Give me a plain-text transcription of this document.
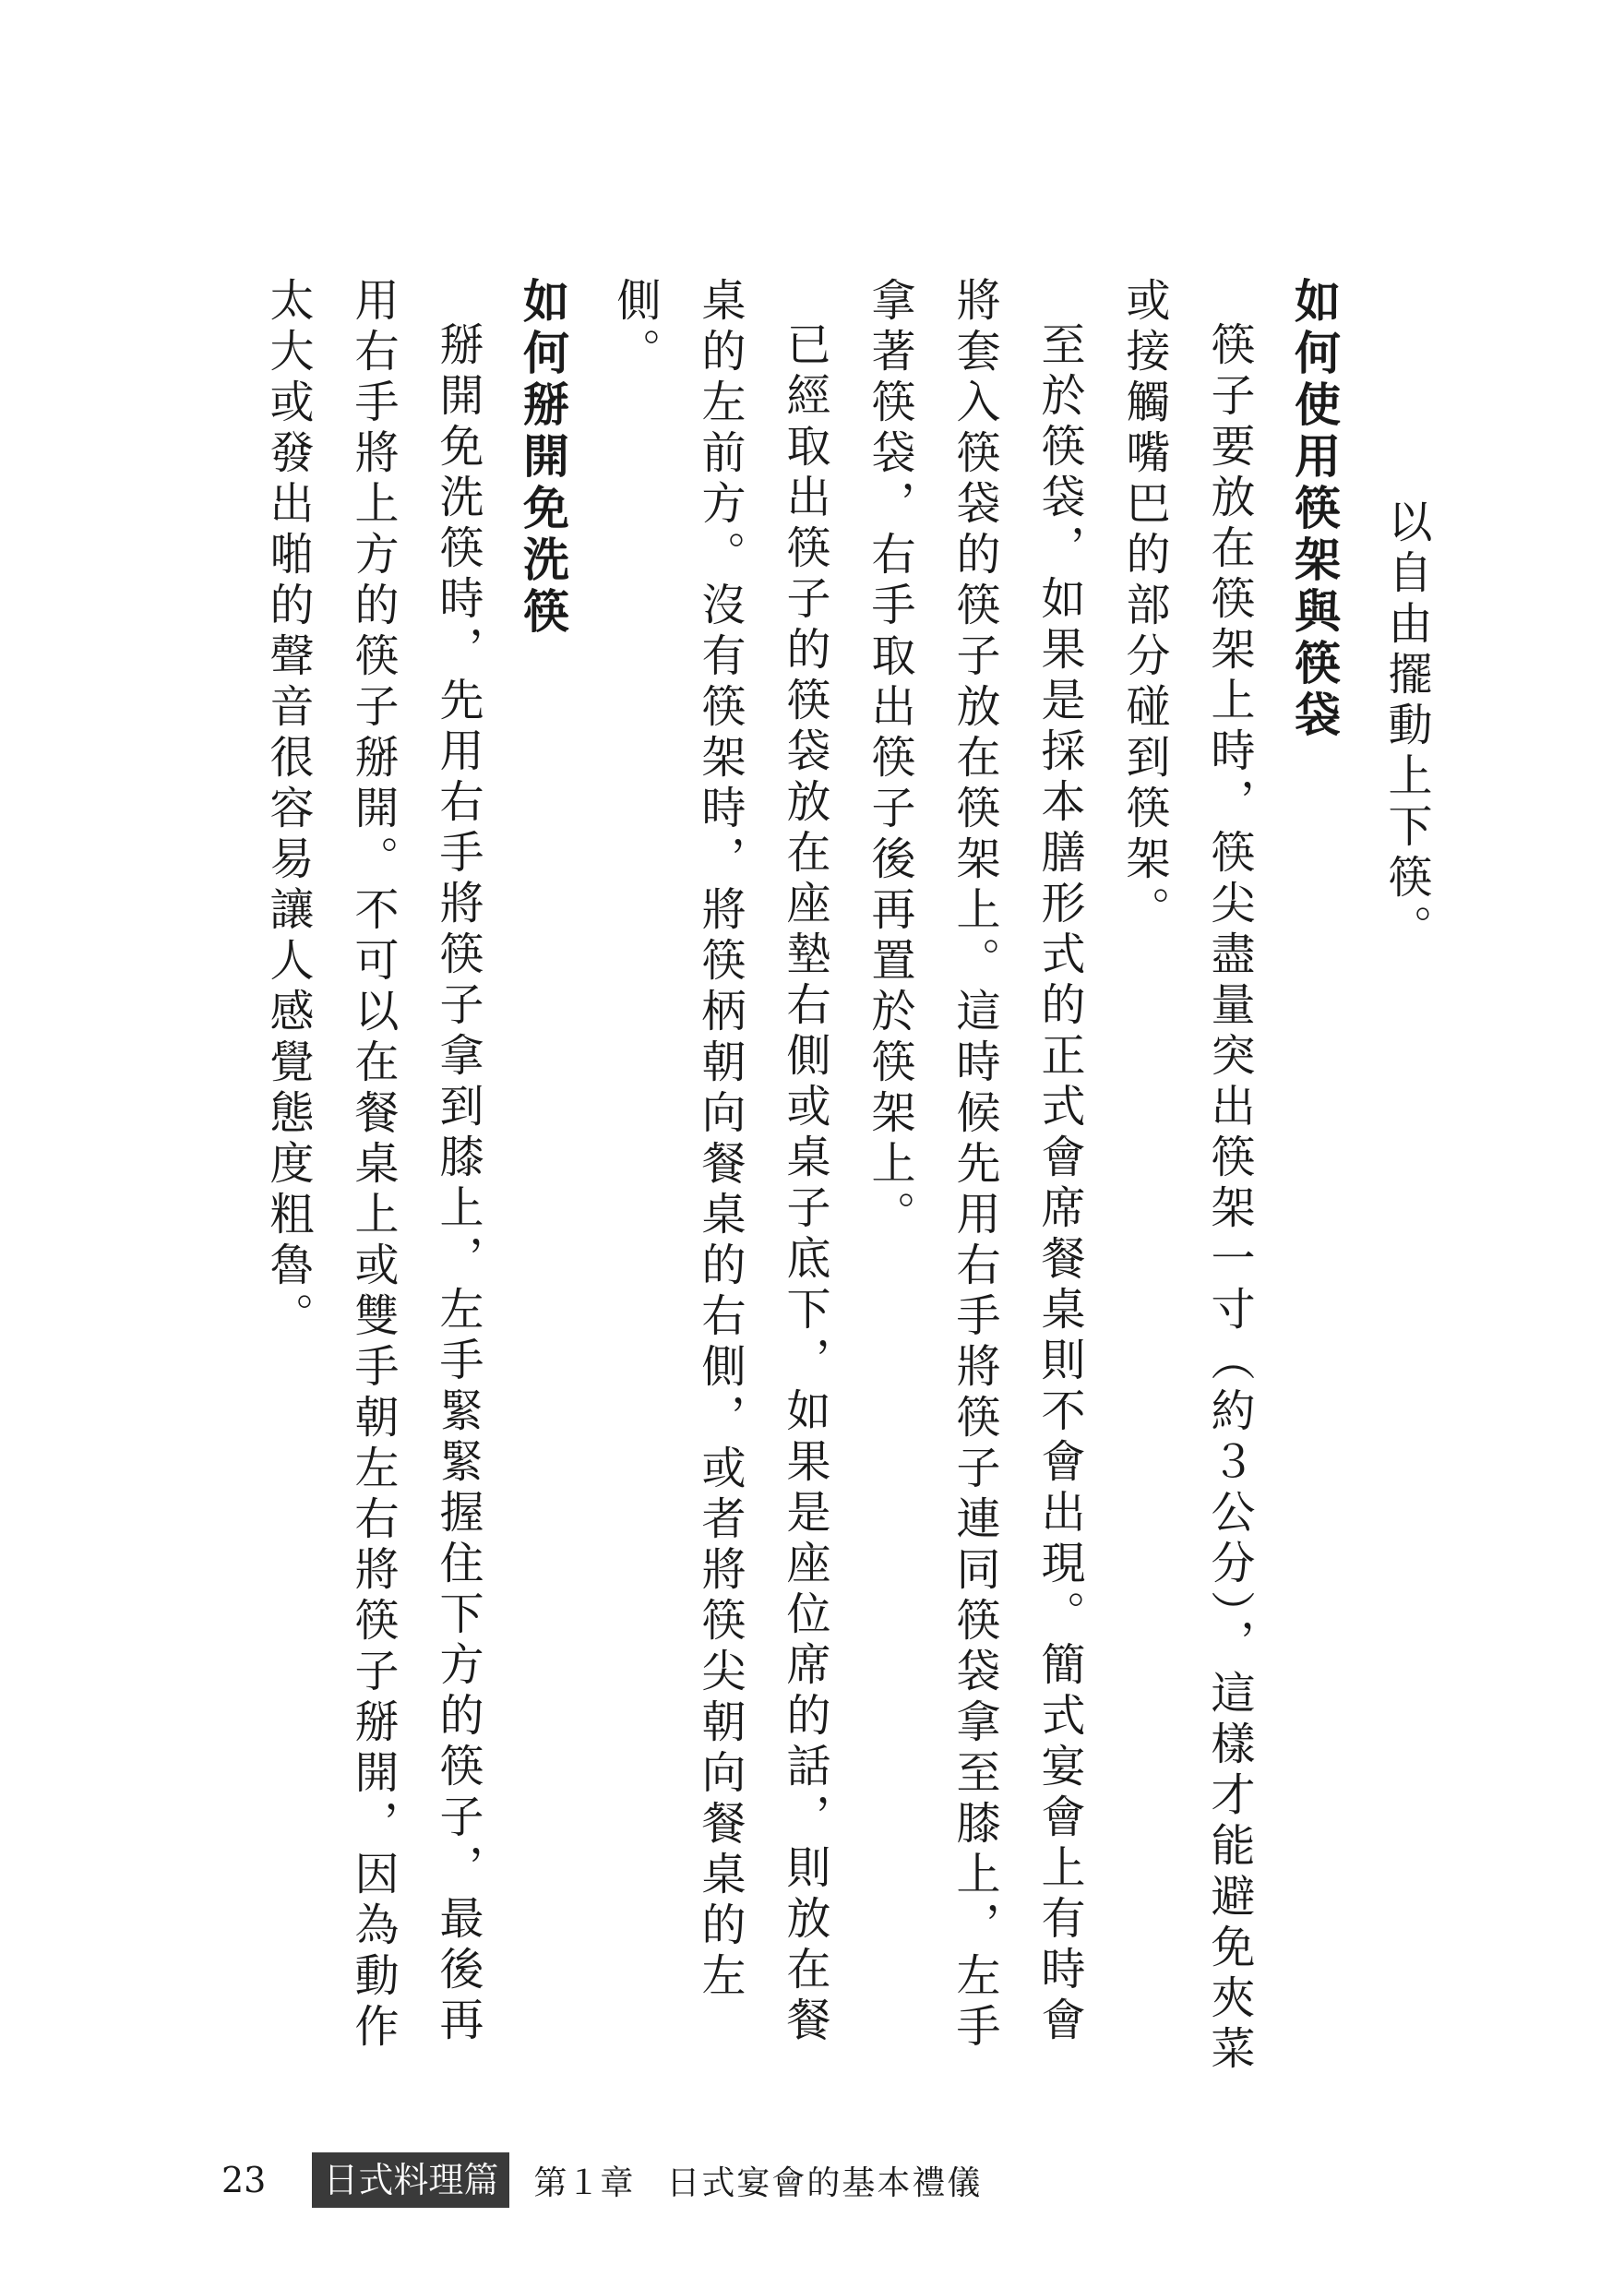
以自由擺動上下筷。

如何使用筷架與筷袋

筷子要放在筷架上時，筷尖盡量突出筷架一寸（約３公分），這樣才能避免夾菜或接觸嘴巴的部分碰到筷架。

至於筷袋，如果是採本膳形式的正式會席餐桌則不會出現。簡式宴會上有時會將套入筷袋的筷子放在筷架上。這時候先用右手將筷子連同筷袋拿至膝上，左手拿著筷袋，右手取出筷子後再置於筷架上。

已經取出筷子的筷袋放在座墊右側或桌子底下，如果是座位席的話，則放在餐桌的左前方。沒有筷架時，將筷柄朝向餐桌的右側，或者將筷尖朝向餐桌的左側。

如何掰開免洗筷

掰開免洗筷時，先用右手將筷子拿到膝上，左手緊緊握住下方的筷子，最後再用右手將上方的筷子掰開。不可以在餐桌上或雙手朝左右將筷子掰開，因為動作太大或發出啪的聲音很容易讓人感覺態度粗魯。

23	日式料理篇	第１章 日式宴會的基本禮儀
